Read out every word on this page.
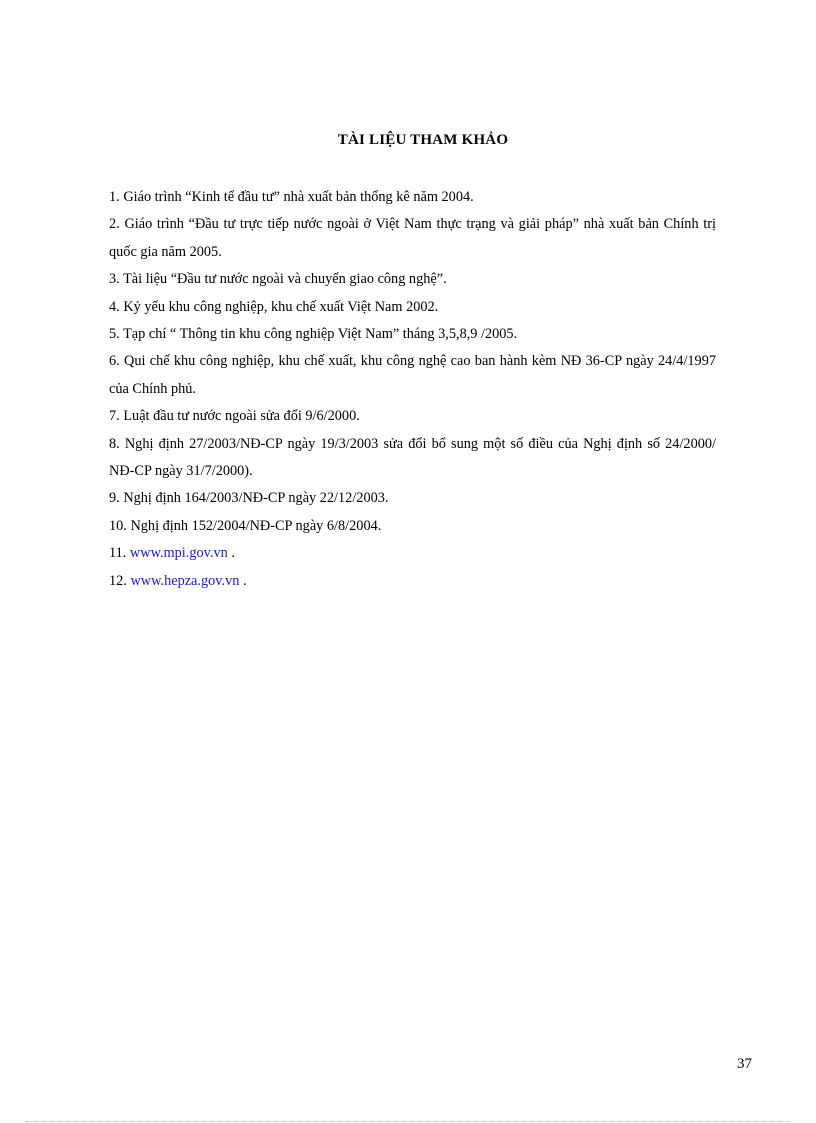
TÀI LIỆU THAM KHẢO
1. Giáo trình “Kinh tế đầu tư” nhà xuất bản thống kê năm 2004.
2. Giáo trình “Đầu tư trực tiếp nước ngoài ở Việt Nam thực trạng và giải pháp” nhà xuất bản Chính trị quốc gia năm 2005.
3. Tài liệu “Đầu tư nước ngoài và chuyển giao công nghệ”.
4. Kỷ yếu khu công nghiệp, khu chế xuất Việt Nam 2002.
5. Tạp chí “ Thông tin khu công nghiệp Việt Nam” tháng 3,5,8,9 /2005.
6. Qui chế khu công nghiệp, khu chế xuất, khu công nghệ cao ban hành kèm NĐ 36-CP ngày 24/4/1997 của Chính phủ.
7. Luật đầu tư nước ngoài sửa đổi 9/6/2000.
8. Nghị định 27/2003/NĐ-CP ngày 19/3/2003 sửa đổi bổ sung một số điều của Nghị định số 24/2000/ NĐ-CP ngày 31/7/2000).
9. Nghị định 164/2003/NĐ-CP ngày 22/12/2003.
10. Nghị định 152/2004/NĐ-CP ngày 6/8/2004.
11. www.mpi.gov.vn .
12. www.hepza.gov.vn .
37
